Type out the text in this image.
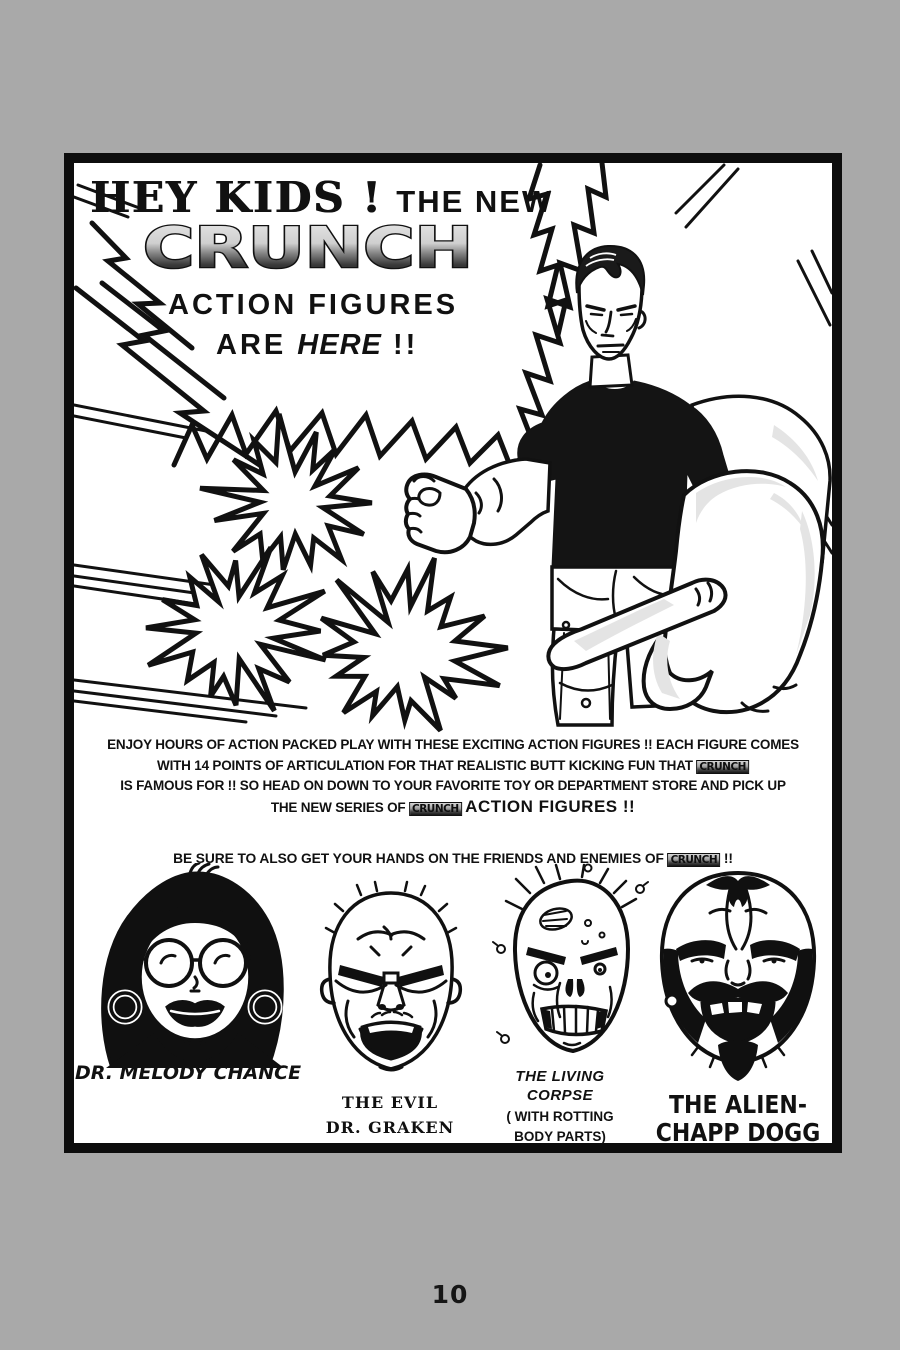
HEY KIDS ! THE NEW
CRUNCH
ACTION FIGURES
ARE HERE !!
ENJOY HOURS OF ACTION PACKED PLAY WITH THESE EXCITING ACTION FIGURES !! EACH FIGURE COMES
WITH 14 POINTS OF ARTICULATION FOR THAT REALISTIC BUTT KICKING FUN THAT CRUNCH
IS FAMOUS FOR !! SO HEAD ON DOWN TO YOUR FAVORITE TOY OR DEPARTMENT STORE AND PICK UP
THE NEW SERIES OF CRUNCH ACTION FIGURES !!
BE SURE TO ALSO GET YOUR HANDS ON THE FRIENDS AND ENEMIES OF CRUNCH !!
DR. MELODY CHANCE
THE EVIL
DR. GRAKEN
THE LIVING
CORPSE
( WITH ROTTING
BODY PARTS)
THE ALIEN-
CHAPP DOGG
10
